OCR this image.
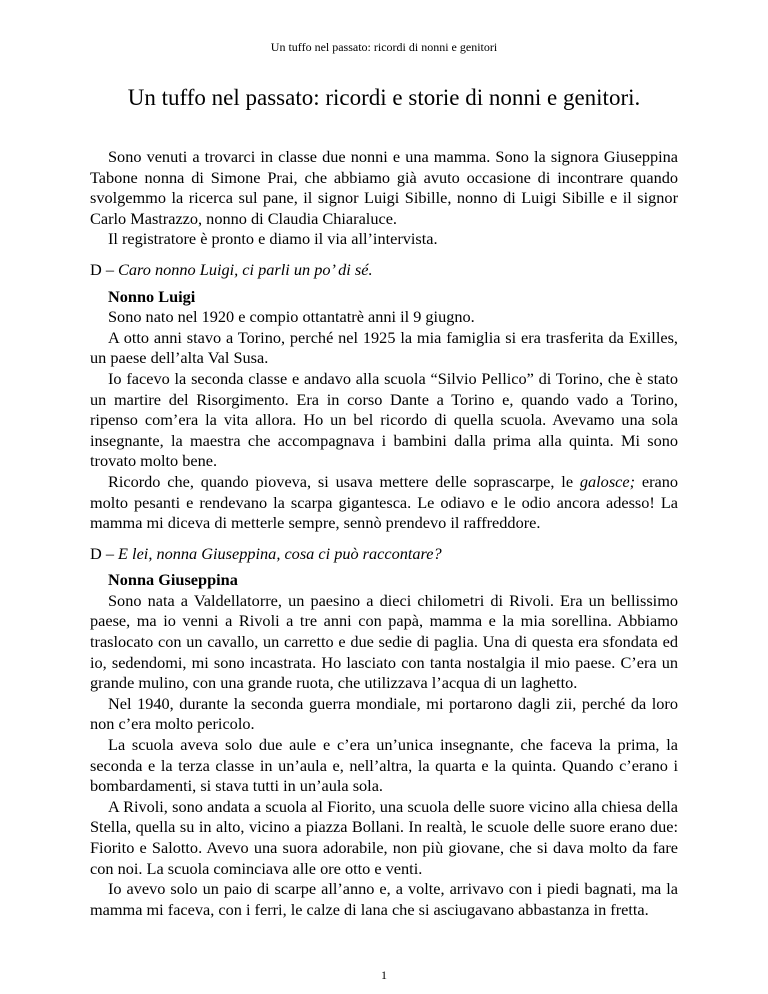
Un tuffo nel passato: ricordi di nonni e genitori
Un tuffo nel passato: ricordi e storie di nonni e genitori.

Sono venuti a trovarci in classe due nonni e una mamma. Sono la signora Giuseppina Tabone nonna di Simone Prai, che abbiamo già avuto occasione di incontrare quando svolgemmo la ricerca sul pane, il signor Luigi Sibille, nonno di Luigi Sibille e il signor Carlo Mastrazzo, nonno di Claudia Chiaraluce.

Il registratore è pronto e diamo il via all’intervista.

D – Caro nonno Luigi, ci parli un po’ di sé.

Nonno Luigi

Sono nato nel 1920 e compio ottantatrè anni il 9 giugno.

A otto anni stavo a Torino, perché nel 1925 la mia famiglia si era trasferita da Exilles, un paese dell’alta Val Susa.

Io facevo la seconda classe e andavo alla scuola “Silvio Pellico” di Torino, che è stato un martire del Risorgimento. Era in corso Dante a Torino e, quando vado a Torino, ripenso com’era la vita allora. Ho un bel ricordo di quella scuola. Avevamo una sola insegnante, la maestra che accompagnava i bambini dalla prima alla quinta. Mi sono trovato molto bene.

Ricordo che, quando pioveva, si usava mettere delle soprascarpe, le galosce; erano molto pesanti e rendevano la scarpa gigantesca. Le odiavo e le odio ancora adesso! La mamma mi diceva di metterle sempre, sennò prendevo il raffreddore.

D – E lei, nonna Giuseppina, cosa ci può raccontare?

Nonna Giuseppina

Sono nata a Valdellatorre, un paesino a dieci chilometri di Rivoli. Era un bellissimo paese, ma io venni a Rivoli a tre anni con papà, mamma e la mia sorellina. Abbiamo traslocato con un cavallo, un carretto e due sedie di paglia. Una di questa era sfondata ed io, sedendomi, mi sono incastrata. Ho lasciato con tanta nostalgia il mio paese. C’era un grande mulino, con una grande ruota, che utilizzava l’acqua di un laghetto.

Nel 1940, durante la seconda guerra mondiale, mi portarono dagli zii, perché da loro non c’era molto pericolo.

La scuola aveva solo due aule e c’era un’unica insegnante, che faceva la prima, la seconda e la terza classe in un’aula e, nell’altra, la quarta e la quinta. Quando c’erano i bombardamenti, si stava tutti in un’aula sola.

A Rivoli, sono andata a scuola al Fiorito, una scuola delle suore vicino alla chiesa della Stella, quella su in alto, vicino a piazza Bollani. In realtà, le scuole delle suore erano due: Fiorito e Salotto. Avevo una suora adorabile, non più giovane, che si dava molto da fare con noi. La scuola cominciava alle ore otto e venti.

Io avevo solo un paio di scarpe all’anno e, a volte, arrivavo con i piedi bagnati, ma la mamma mi faceva, con i ferri, le calze di lana che si asciugavano abbastanza in fretta.

1
